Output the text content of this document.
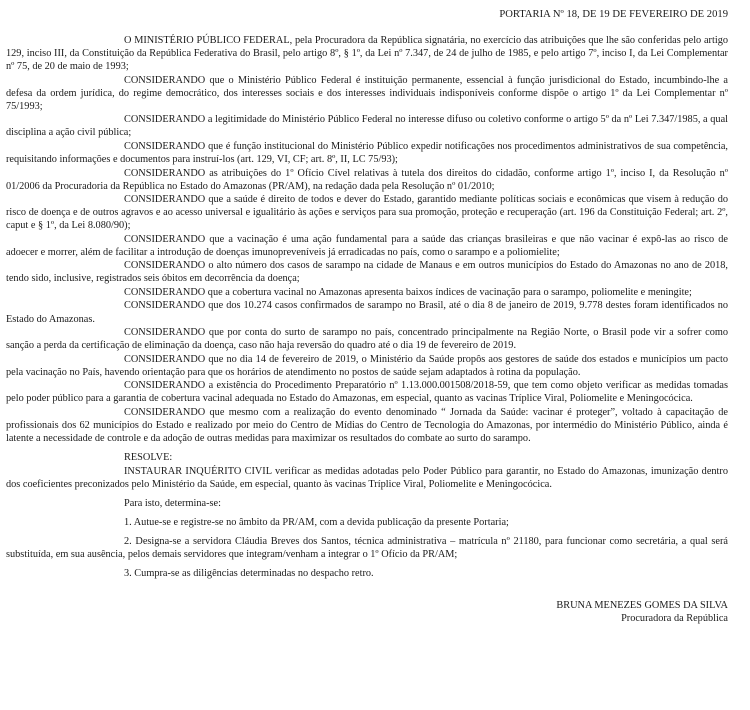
PORTARIA Nº 18, DE 19 DE FEVEREIRO DE 2019

O MINISTÉRIO PÚBLICO FEDERAL, pela Procuradora da República signatária, no exercício das atribuições que lhe são conferidas pelo artigo 129, inciso III, da Constituição da República Federativa do Brasil, pelo artigo 8º, § 1º, da Lei nº 7.347, de 24 de julho de 1985, e pelo artigo 7º, inciso I, da Lei Complementar nº 75, de 20 de maio de 1993;

CONSIDERANDO que o Ministério Público Federal é instituição permanente, essencial à função jurisdicional do Estado, incumbindo-lhe a defesa da ordem jurídica, do regime democrático, dos interesses sociais e dos interesses individuais indisponíveis conforme dispõe o artigo 1º da Lei Complementar nº 75/1993;

CONSIDERANDO a legitimidade do Ministério Público Federal no interesse difuso ou coletivo conforme o artigo 5º da nº Lei 7.347/1985, a qual disciplina a ação civil pública;

CONSIDERANDO que é função institucional do Ministério Público expedir notificações nos procedimentos administrativos de sua competência, requisitando informações e documentos para instruí-los (art. 129, VI, CF; art. 8º, II, LC 75/93);

CONSIDERANDO as atribuições do 1º Ofício Cível relativas à tutela dos direitos do cidadão, conforme artigo 1º, inciso I, da Resolução nº 01/2006 da Procuradoria da República no Estado do Amazonas (PR/AM), na redação dada pela Resolução nº 01/2010;

CONSIDERANDO que a saúde é direito de todos e dever do Estado, garantido mediante políticas sociais e econômicas que visem à redução do risco de doença e de outros agravos e ao acesso universal e igualitário às ações e serviços para sua promoção, proteção e recuperação (art. 196 da Constituição Federal; art. 2º, caput e § 1º, da Lei 8.080/90);

CONSIDERANDO que a vacinação é uma ação fundamental para a saúde das crianças brasileiras e que não vacinar é expô-las ao risco de adoecer e morrer, além de facilitar a introdução de doenças imunopreveníveis já erradicadas no país, como o sarampo e a poliomielite;

CONSIDERANDO o alto número dos casos de sarampo na cidade de Manaus e em outros municípios do Estado do Amazonas no ano de 2018, tendo sido, inclusive, registrados seis óbitos em decorrência da doença;

CONSIDERANDO que a cobertura vacinal no Amazonas apresenta baixos índices de vacinação para o sarampo, poliomelite e meningite;

CONSIDERANDO que dos 10.274 casos confirmados de sarampo no Brasil, até o dia 8 de janeiro de 2019, 9.778 destes foram identificados no Estado do Amazonas.

CONSIDERANDO que por conta do surto de sarampo no país, concentrado principalmente na Região Norte, o Brasil pode vir a sofrer como sanção a perda da certificação de eliminação da doença, caso não haja reversão do quadro até o dia 19 de fevereiro de 2019.

CONSIDERANDO que no dia 14 de fevereiro de 2019, o Ministério da Saúde propôs aos gestores de saúde dos estados e municípios um pacto pela vacinação no País, havendo orientação para que os horários de atendimento no postos de saúde sejam adaptados à rotina da população.

CONSIDERANDO a existência do Procedimento Preparatório nº 1.13.000.001508/2018-59, que tem como objeto verificar as medidas tomadas pelo poder público para a garantia de cobertura vacinal adequada no Estado do Amazonas, em especial, quanto as vacinas Tríplice Viral, Poliomelite e Meningocócica.

CONSIDERANDO que mesmo com a realização do evento denominado “ Jornada da Saúde: vacinar é proteger”, voltado à capacitação de profissionais dos 62 municípios do Estado e realizado por meio do Centro de Mídias do Centro de Tecnologia do Amazonas, por intermédio do Ministério Público, ainda é latente a necessidade de controle e da adoção de outras medidas para maximizar os resultados do combate ao surto do sarampo.

RESOLVE:

INSTAURAR INQUÉRITO CIVIL verificar as medidas adotadas pelo Poder Público para garantir, no Estado do Amazonas, imunização dentro dos coeficientes preconizados pelo Ministério da Saúde, em especial, quanto às vacinas Tríplice Viral, Poliomelite e Meningocócica.

Para isto, determina-se:

1. Autue-se e registre-se no âmbito da PR/AM, com a devida publicação da presente Portaria;

2. Designa-se a servidora Cláudia Breves dos Santos, técnica administrativa – matrícula nº 21180, para funcionar como secretária, a qual será substituída, em sua ausência, pelos demais servidores que integram/venham a integrar o 1º Ofício da PR/AM;

3. Cumpra-se as diligências determinadas no despacho retro.

BRUNA MENEZES GOMES DA SILVA
Procuradora da República
